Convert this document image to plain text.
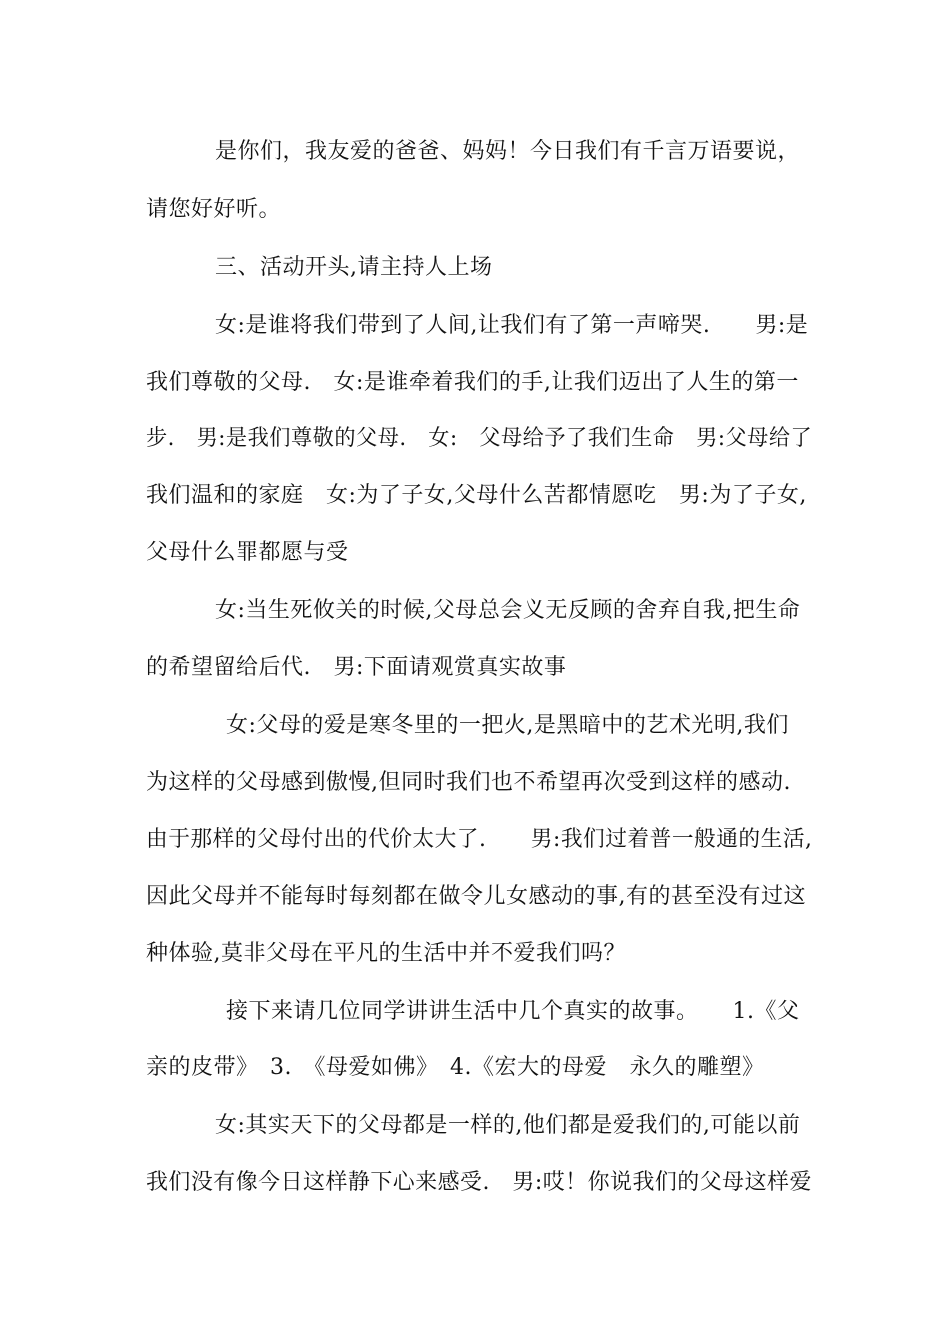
是你们，我友爱的爸爸、妈妈！今日我们有千言万语要说，
请您好好听。
三、活动开头,请主持人上场
女:是谁将我们带到了人间,让我们有了第一声啼哭.　　男:是
我们尊敬的父母.　女:是谁牵着我们的手,让我们迈出了人生的第一
步.　男:是我们尊敬的父母.　女:　父母给予了我们生命　男:父母给了
我们温和的家庭　女:为了子女,父母什么苦都情愿吃　男:为了子女,
父母什么罪都愿与受
女:当生死攸关的时候,父母总会义无反顾的舍弃自我,把生命
的希望留给后代.　男:下面请观赏真实故事
女:父母的爱是寒冬里的一把火,是黑暗中的艺术光明,我们
为这样的父母感到傲慢,但同时我们也不希望再次受到这样的感动.
由于那样的父母付出的代价太大了.　　男:我们过着普一般通的生活,
因此父母并不能每时每刻都在做令儿女感动的事,有的甚至没有过这
种体验,莫非父母在平凡的生活中并不爱我们吗？
接下来请几位同学讲讲生活中几个真实的故事。　　1.《父
亲的皮带》　3.　《母爱如佛》　4.《宏大的母爱　永久的雕塑》
女:其实天下的父母都是一样的,他们都是爱我们的,可能以前
我们没有像今日这样静下心来感受.　男:哎！你说我们的父母这样爱
